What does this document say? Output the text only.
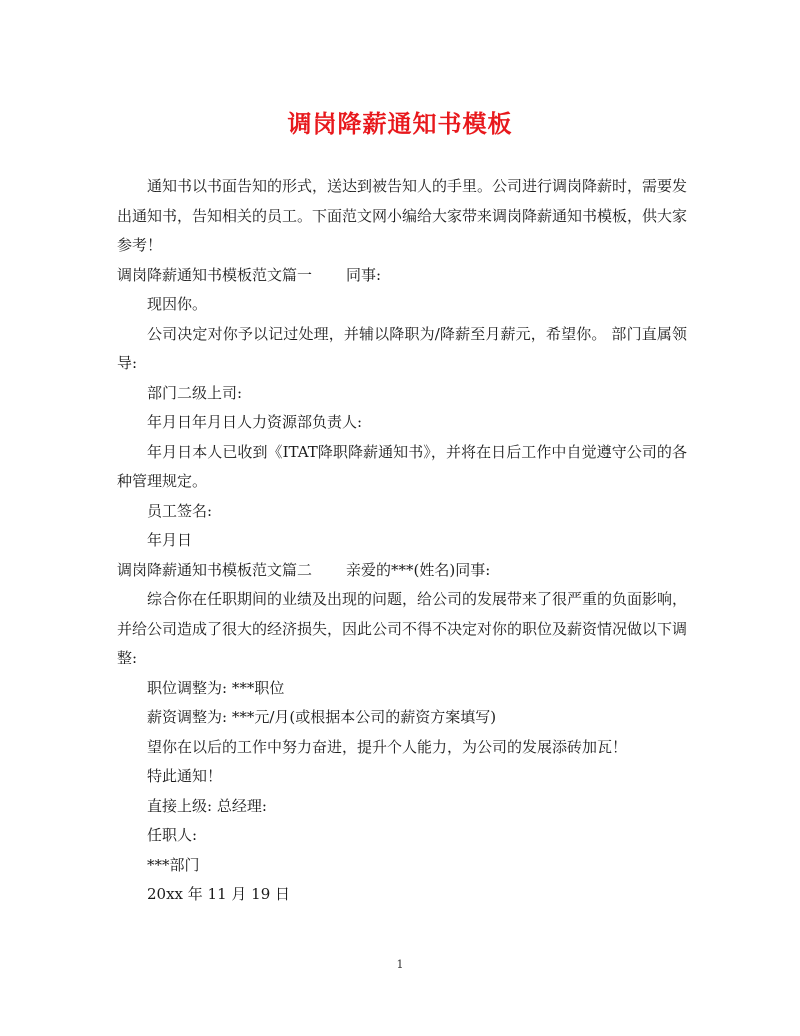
调岗降薪通知书模板

通知书以书面告知的形式，送达到被告知人的手里。公司进行调岗降薪时，需要发出通知书，告知相关的员工。下面范文网小编给大家带来调岗降薪通知书模板，供大家参考！

调岗降薪通知书模板范文篇一 同事:

现因你。

公司决定对你予以记过处理，并辅以降职为/降薪至月薪元，希望你。 部门直属领导:

部门二级上司:

年月日年月日人力资源部负责人:

年月日本人已收到《ITAT降职降薪通知书》，并将在日后工作中自觉遵守公司的各种管理规定。

员工签名:

年月日

调岗降薪通知书模板范文篇二 亲爱的***(姓名)同事:

综合你在任职期间的业绩及出现的问题，给公司的发展带来了很严重的负面影响，并给公司造成了很大的经济损失，因此公司不得不决定对你的职位及薪资情况做以下调整:

职位调整为: ***职位

薪资调整为: ***元/月(或根据本公司的薪资方案填写)

望你在以后的工作中努力奋进，提升个人能力，为公司的发展添砖加瓦！

特此通知！

直接上级: 总经理:

任职人:

***部门

20xx 年 11 月 19 日

1
